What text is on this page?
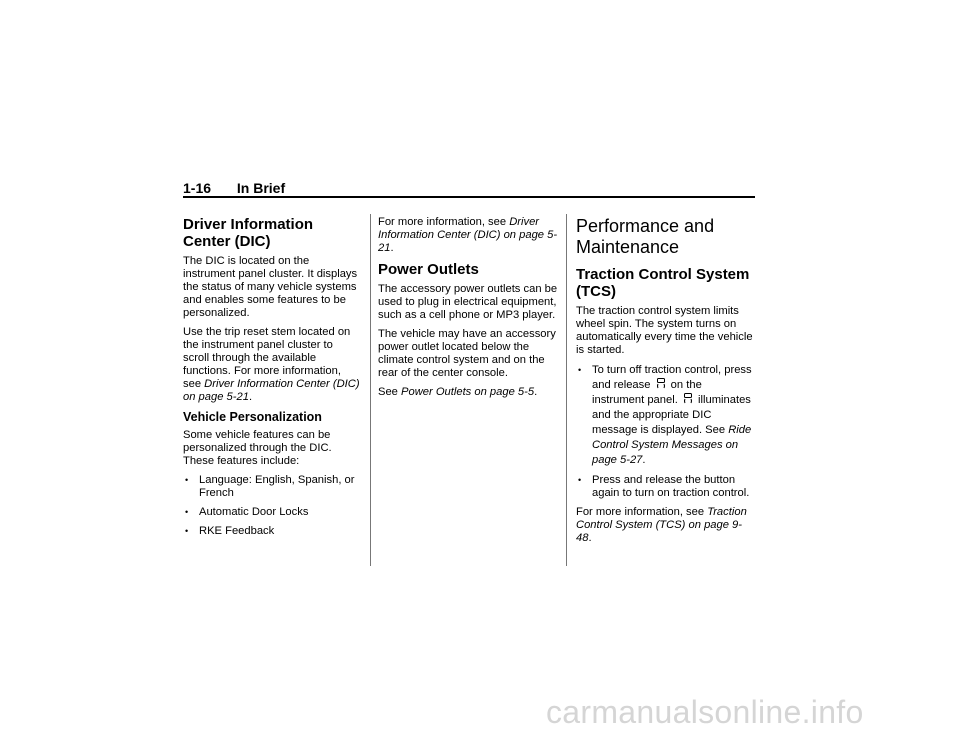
1-16 In Brief
Driver Information Center (DIC)

The DIC is located on the instrument panel cluster. It displays the status of many vehicle systems and enables some features to be personalized.

Use the trip reset stem located on the instrument panel cluster to scroll through the available functions. For more information, see Driver Information Center (DIC) on page 5-21.

Vehicle Personalization

Some vehicle features can be personalized through the DIC. These features include:

• Language: English, Spanish, or French
• Automatic Door Locks
• RKE Feedback

For more information, see Driver Information Center (DIC) on page 5-21.

Power Outlets

The accessory power outlets can be used to plug in electrical equipment, such as a cell phone or MP3 player.

The vehicle may have an accessory power outlet located below the climate control system and on the rear of the center console.

See Power Outlets on page 5-5.

Performance and Maintenance
Traction Control System (TCS)

The traction control system limits wheel spin. The system turns on automatically every time the vehicle is started.

• To turn off traction control, press and release  on the instrument panel.  illuminates and the appropriate DIC message is displayed. See Ride Control System Messages on page 5-27.
• Press and release the button again to turn on traction control.

For more information, see Traction Control System (TCS) on page 9-48.

carmanualsonline.info
